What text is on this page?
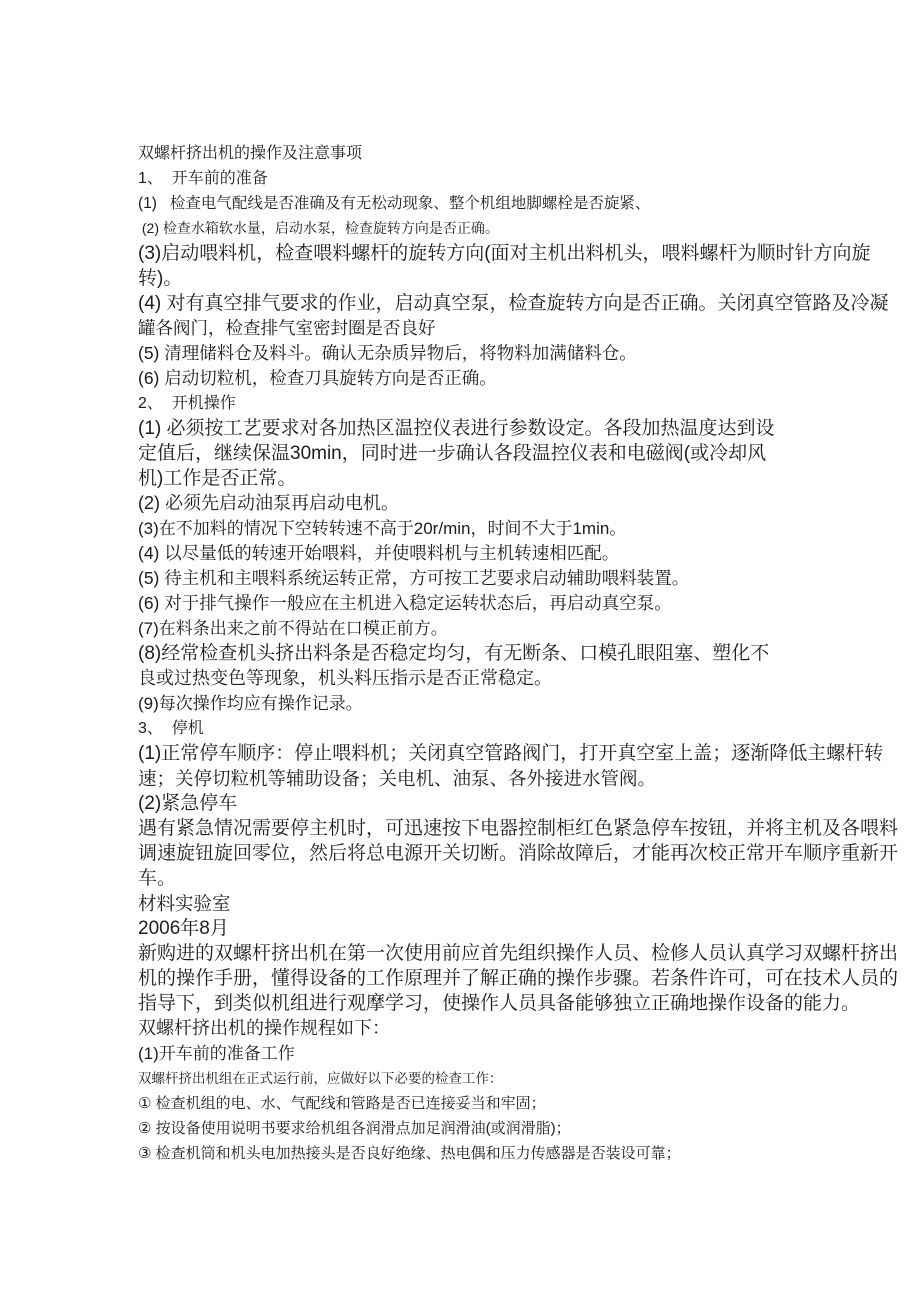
双螺杆挤出机的操作及注意事项
1、  开车前的准备
(1)   检查电气配线是否准确及有无松动现象、整个机组地脚螺栓是否旋紧、
(2) 检查水箱软水量，启动水泵，检查旋转方向是否正确。
(3)启动喂料机，检查喂料螺杆的旋转方向(面对主机出料机头，喂料螺杆为顺时针方向旋
转)。
(4) 对有真空排气要求的作业，启动真空泵，检查旋转方向是否正确。关闭真空管路及冷凝
罐各阀门，检查排气室密封圈是否良好
(5) 清理储料仓及料斗。确认无杂质异物后，将物料加满储料仓。
(6) 启动切粒机，检查刀具旋转方向是否正确。
2、  开机操作
(1) 必须按工艺要求对各加热区温控仪表进行参数设定。各段加热温度达到设
定值后，继续保温30min，同时进一步确认各段温控仪表和电磁阀(或冷却风
机)工作是否正常。
(2) 必须先启动油泵再启动电机。
(3)在不加料的情况下空转转速不高于20r/min，时间不大于1min。
(4) 以尽量低的转速开始喂料，并使喂料机与主机转速相匹配。
(5) 待主机和主喂料系统运转正常，方可按工艺要求启动辅助喂料装置。
(6) 对于排气操作一般应在主机进入稳定运转状态后，再启动真空泵。
(7)在料条出来之前不得站在口模正前方。
(8)经常检查机头挤出料条是否稳定均匀，有无断条、口模孔眼阻塞、塑化不
良或过热变色等现象，机头料压指示是否正常稳定。
(9)每次操作均应有操作记录。
3、  停机
(1)正常停车顺序：停止喂料机；关闭真空管路阀门，打开真空室上盖；逐渐降低主螺杆转
速；关停切粒机等辅助设备；关电机、油泵、各外接进水管阀。
(2)紧急停车
遇有紧急情况需要停主机时，可迅速按下电器控制柜红色紧急停车按钮，并将主机及各喂料
调速旋钮旋回零位，然后将总电源开关切断。消除故障后，才能再次校正常开车顺序重新开
车。
材料实验室
2006年8月
新购进的双螺杆挤出机在第一次使用前应首先组织操作人员、检修人员认真学习双螺杆挤出
机的操作手册，懂得设备的工作原理并了解正确的操作步骤。若条件许可，可在技术人员的
指导下，到类似机组进行观摩学习，使操作人员具备能够独立正确地操作设备的能力。
双螺杆挤出机的操作规程如下：
(1)开车前的准备工作
双螺杆挤出机组在正式运行前，应做好以下必要的检查工作：
① 检查机组的电、水、气配线和管路是否已连接妥当和牢固；
② 按设备使用说明书要求给机组各润滑点加足润滑油(或润滑脂)；
③ 检查机筒和机头电加热接头是否良好绝缘、热电偶和压力传感器是否装设可靠；
